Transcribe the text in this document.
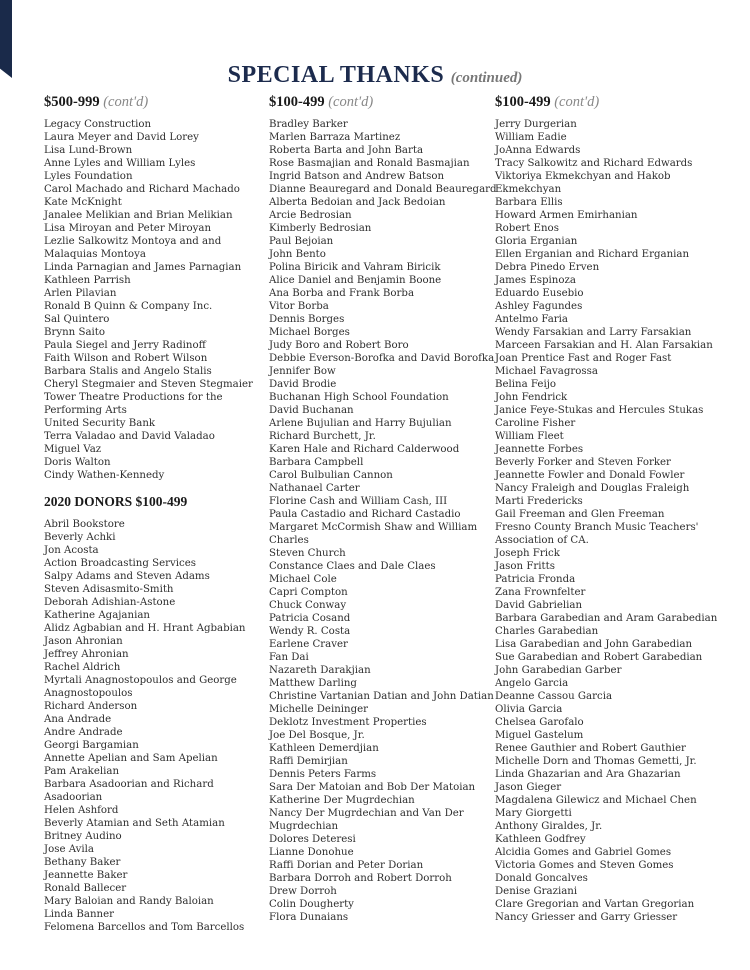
SPECIAL THANKS (continued)
$500-999 (cont'd)
Legacy Construction
Laura Meyer and David Lorey
Lisa Lund-Brown
Anne Lyles and William Lyles
Lyles Foundation
Carol Machado and Richard Machado
Kate McKnight
Janalee Melikian and Brian Melikian
Lisa Miroyan and Peter Miroyan
Lezlie Salkowitz Montoya and and
Malaquias Montoya
Linda Parnagian and James Parnagian
Kathleen Parrish
Arlen Pilavian
Ronald B Quinn & Company Inc.
Sal Quintero
Brynn Saito
Paula Siegel and Jerry Radinoff
Faith Wilson and Robert Wilson
Barbara Stalis and Angelo Stalis
Cheryl Stegmaier and Steven Stegmaier
Tower Theatre Productions for the
Performing Arts
United Security Bank
Terra Valadao and David Valadao
Miguel Vaz
Doris Walton
Cindy Wathen-Kennedy
2020 DONORS $100-499
Abril Bookstore
Beverly Achki
Jon Acosta
Action Broadcasting Services
Salpy Adams and Steven Adams
Steven Adisasmito-Smith
Deborah Adishian-Astone
Katherine Agajanian
Alidz Agbabian and H. Hrant Agbabian
Jason Ahronian
Jeffrey Ahronian
Rachel Aldrich
Myrtali Anagnostopoulos and George
Anagnostopoulos
Richard Anderson
Ana Andrade
Andre Andrade
Georgi Bargamian
Annette Apelian and Sam Apelian
Pam Arakelian
Barbara Asadoorian and Richard
Asadoorian
Helen Ashford
Beverly Atamian and Seth Atamian
Britney Audino
Jose Avila
Bethany Baker
Jeannette Baker
Ronald Ballecer
Mary Baloian and Randy Baloian
Linda Banner
Felomena Barcellos and Tom Barcellos
$100-499 (cont'd)
Bradley Barker
Marlen Barraza Martinez
Roberta Barta and John Barta
Rose Basmajian and Ronald Basmajian
Ingrid Batson and Andrew Batson
Dianne Beauregard and Donald Beauregard
Alberta Bedoian and Jack Bedoian
Arcie Bedrosian
Kimberly Bedrosian
Paul Bejoian
John Bento
Polina Biricik and Vahram Biricik
Alice Daniel and Benjamin Boone
Ana Borba and Frank Borba
Vitor Borba
Dennis Borges
Michael Borges
Judy Boro and Robert Boro
Debbie Everson-Borofka and David Borofka
Jennifer Bow
David Brodie
Buchanan High School Foundation
David Buchanan
Arlene Bujulian and Harry Bujulian
Richard Burchett, Jr.
Karen Hale and Richard Calderwood
Barbara Campbell
Carol Bulbulian Cannon
Nathanael Carter
Florine Cash and William Cash, III
Paula Castadio and Richard Castadio
Margaret McCormish Shaw and William
Charles
Steven Church
Constance Claes and Dale Claes
Michael Cole
Capri Compton
Chuck Conway
Patricia Cosand
Wendy R. Costa
Earlene Craver
Fan Dai
Nazareth Darakjian
Matthew Darling
Christine Vartanian Datian and John Datian
Michelle Deininger
Deklotz Investment Properties
Joe Del Bosque, Jr.
Kathleen Demerdjian
Raffi Demirjian
Dennis Peters Farms
Sara Der Matoian and Bob Der Matoian
Katherine Der Mugrdechian
Nancy Der Mugrdechian and Van Der
Mugrdechian
Dolores Deteresi
Lianne Donohue
Raffi Dorian and Peter Dorian
Barbara Dorroh and Robert Dorroh
Drew Dorroh
Colin Dougherty
Flora Dunaians
$100-499 (cont'd)
Jerry Durgerian
William Eadie
JoAnna Edwards
Tracy Salkowitz and Richard Edwards
Viktoriya Ekmekchyan and Hakob
Ekmekchyan
Barbara Ellis
Howard Armen Emirhanian
Robert Enos
Gloria Erganian
Ellen Erganian and Richard Erganian
Debra Pinedo Erven
James Espinoza
Eduardo Eusebio
Ashley Fagundes
Antelmo Faria
Wendy Farsakian and Larry Farsakian
Marceen Farsakian and H. Alan Farsakian
Joan Prentice Fast and Roger Fast
Michael Favagrossa
Belina Feijo
John Fendrick
Janice Feye-Stukas and Hercules Stukas
Caroline Fisher
William Fleet
Jeannette Forbes
Beverly Forker and Steven Forker
Jeannette Fowler and Donald Fowler
Nancy Fraleigh and Douglas Fraleigh
Marti Fredericks
Gail Freeman and Glen Freeman
Fresno County Branch Music Teachers'
Association of CA.
Joseph Frick
Jason Fritts
Patricia Fronda
Zana Frownfelter
David Gabrielian
Barbara Garabedian and Aram Garabedian
Charles Garabedian
Lisa Garabedian and John Garabedian
Sue Garabedian and Robert Garabedian
John Garabedian Garber
Angelo Garcia
Deanne Cassou Garcia
Olivia Garcia
Chelsea Garofalo
Miguel Gastelum
Renee Gauthier and Robert Gauthier
Michelle Dorn and Thomas Gemetti, Jr.
Linda Ghazarian and Ara Ghazarian
Jason Gieger
Magdalena Gilewicz and Michael Chen
Mary Giorgetti
Anthony Giraldes, Jr.
Kathleen Godfrey
Alcidia Gomes and Gabriel Gomes
Victoria Gomes and Steven Gomes
Donald Goncalves
Denise Graziani
Clare Gregorian and Vartan Gregorian
Nancy Griesser and Garry Griesser
